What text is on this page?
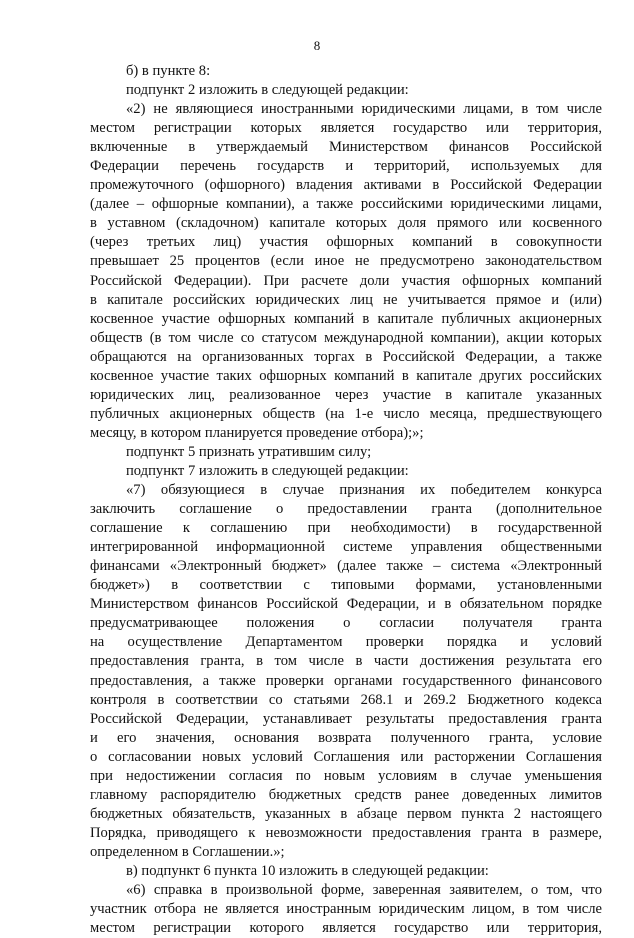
8

б) в пункте 8:

подпункт 2 изложить в следующей редакции:

«2) не являющиеся иностранными юридическими лицами, в том числе

местом регистрации которых является государство или территория,

включенные в утверждаемый Министерством финансов Российской

Федерации перечень государств и территорий, используемых для

промежуточного (офшорного) владения активами в Российской Федерации

(далее – офшорные компании), а также российскими юридическими лицами,

в уставном (складочном) капитале которых доля прямого или косвенного

(через третьих лиц) участия офшорных компаний в совокупности

превышает 25 процентов (если иное не предусмотрено законодательством

Российской Федерации). При расчете доли участия офшорных компаний

в капитале российских юридических лиц не учитывается прямое и (или)

косвенное участие офшорных компаний в капитале публичных акционерных

обществ (в том числе со статусом международной компании), акции которых

обращаются на организованных торгах в Российской Федерации, а также

косвенное участие таких офшорных компаний в капитале других российских

юридических лиц, реализованное через участие в капитале указанных

публичных акционерных обществ (на 1-е число месяца, предшествующего

месяцу, в котором планируется проведение отбора);»;

подпункт 5 признать утратившим силу;

подпункт 7 изложить в следующей редакции:

«7) обязующиеся в случае признания их победителем конкурса

заключить соглашение о предоставлении гранта (дополнительное

соглашение к соглашению при необходимости) в государственной

интегрированной информационной системе управления общественными

финансами «Электронный бюджет» (далее также – система «Электронный

бюджет») в соответствии с типовыми формами, установленными

Министерством финансов Российской Федерации, и в обязательном порядке

предусматривающее положения о согласии получателя гранта

на осуществление Департаментом проверки порядка и условий

предоставления гранта, в том числе в части достижения результата его

предоставления, а также проверки органами государственного финансового

контроля в соответствии со статьями 268.1 и 269.2 Бюджетного кодекса

Российской Федерации, устанавливает результаты предоставления гранта

и его значения, основания возврата полученного гранта, условие

о согласовании новых условий Соглашения или расторжении Соглашения

при недостижении согласия по новым условиям в случае уменьшения

главному распорядителю бюджетных средств ранее доведенных лимитов

бюджетных обязательств, указанных в абзаце первом пункта 2 настоящего

Порядка, приводящего к невозможности предоставления гранта в размере,

определенном в Соглашении.»;

в) подпункт 6 пункта 10 изложить в следующей редакции:

«6) справка в произвольной форме, заверенная заявителем, о том, что

участник отбора не является иностранным юридическим лицом, в том числе

местом регистрации которого является государство или территория,
